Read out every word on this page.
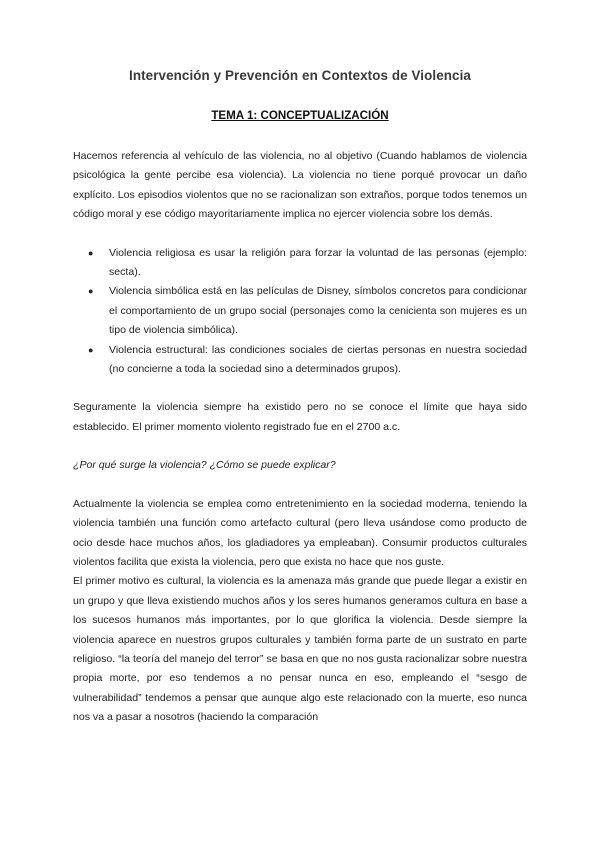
Intervención y Prevención en Contextos de Violencia
TEMA 1: CONCEPTUALIZACIÓN

Hacemos referencia al vehículo de las violencia, no al objetivo (Cuando hablamos de violencia psicológica la gente percibe esa violencia). La violencia no tiene porqué provocar un daño explícito. Los episodios violentos que no se racionalizan son extraños, porque todos tenemos un código moral y ese código mayoritariamente implica no ejercer violencia sobre los demás.

● Violencia religiosa es usar la religión para forzar la voluntad de las personas (ejemplo: secta).
● Violencia simbólica está en las películas de Disney, símbolos concretos para condicionar el comportamiento de un grupo social (personajes como la cenicienta son mujeres es un tipo de violencia simbólica).
● Violencia estructural: las condiciones sociales de ciertas personas en nuestra sociedad (no concierne a toda la sociedad sino a determinados grupos).

Seguramente la violencia siempre ha existido pero no se conoce el límite que haya sido establecido. El primer momento violento registrado fue en el 2700 a.c.

¿Por qué surge la violencia? ¿Cómo se puede explicar?

Actualmente la violencia se emplea como entretenimiento en la sociedad moderna, teniendo la violencia también una función como artefacto cultural (pero lleva usándose como producto de ocio desde hace muchos años, los gladiadores ya empleaban). Consumir productos culturales violentos facilita que exista la violencia, pero que exista no hace que nos guste.

El primer motivo es cultural, la violencia es la amenaza más grande que puede llegar a existir en un grupo y que lleva existiendo muchos años y los seres humanos generamos cultura en base a los sucesos humanos más importantes, por lo que glorifica la violencia. Desde siempre la violencia aparece en nuestros grupos culturales y también forma parte de un sustrato en parte religioso. “la teoría del manejo del terror” se basa en que no nos gusta racionalizar sobre nuestra propia morte, por eso tendemos a no pensar nunca en eso, empleando el “sesgo de vulnerabilidad” tendemos a pensar que aunque algo este relacionado con la muerte, eso nunca nos va a pasar a nosotros (haciendo la comparación
